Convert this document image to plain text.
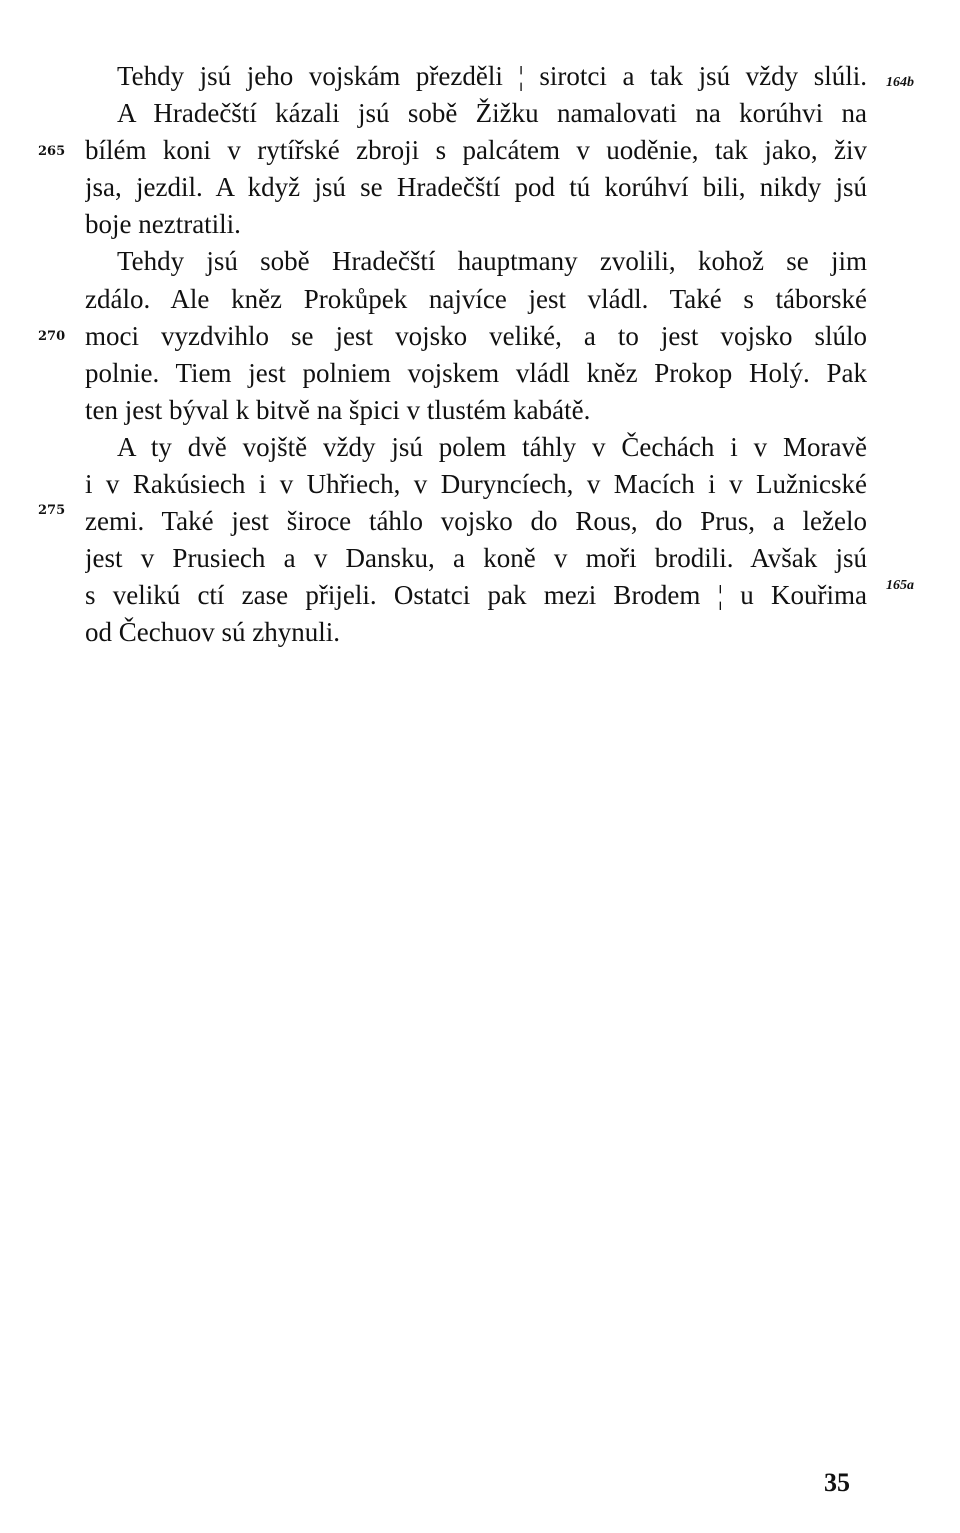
Tehdy jsú jeho vojskám přezděli ¦ sirotci a tak jsú vždy slúli.
A Hradečští kázali jsú sobě Žižku namalovati na korúhvi na
bílém koni v rytířské zbroji s palcátem v uoděnie, tak jako, živ
jsa, jezdil. A když jsú se Hradečští pod tú korúhví bili, nikdy jsú
boje neztratili.
Tehdy jsú sobě Hradečští hauptmany zvolili, kohož se jim
zdálo. Ale kněz Prokůpek najvíce jest vládl. Také s táborské
moci vyzdvihlo se jest vojsko veliké, a to jest vojsko slúlo
polnie. Tiem jest polniem vojskem vládl kněz Prokop Holý. Pak
ten jest býval k bitvě na špici v tlustém kabátě.
A ty dvě vojště vždy jsú polem táhly v Čechách i v Moravě
i v Rakúsiech i v Uhřiech, v Duryncíech, v Macích i v Lužnicské
zemi. Také jest široce táhlo vojsko do Rous, do Prus, a leželo
jest v Prusiech a v Dansku, a koně v moři brodili. Avšak jsú
s velikú ctí zase přijeli. Ostatci pak mezi Brodem ¦ u Kouřima
od Čechuov sú zhynuli.
265
270
275
164b
165a
35
